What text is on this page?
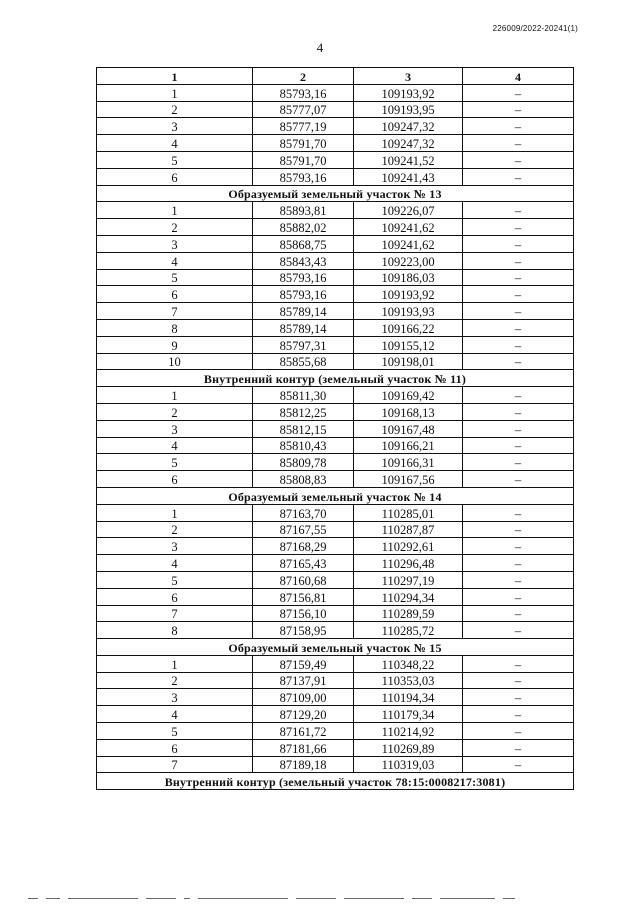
226009/2022-20241(1)
4
1	2	3	4
1	85793,16	109193,92	–
2	85777,07	109193,95	–
3	85777,19	109247,32	–
4	85791,70	109247,32	–
5	85791,70	109241,52	–
6	85793,16	109241,43	–
Образуемый земельный участок № 13			
1	85893,81	109226,07	–
2	85882,02	109241,62	–
3	85868,75	109241,62	–
4	85843,43	109223,00	–
5	85793,16	109186,03	–
6	85793,16	109193,92	–
7	85789,14	109193,93	–
8	85789,14	109166,22	–
9	85797,31	109155,12	–
10	85855,68	109198,01	–
Внутренний контур (земельный участок № 11)			
1	85811,30	109169,42	–
2	85812,25	109168,13	–
3	85812,15	109167,48	–
4	85810,43	109166,21	–
5	85809,78	109166,31	–
6	85808,83	109167,56	–
Образуемый земельный участок № 14			
1	87163,70	110285,01	–
2	87167,55	110287,87	–
3	87168,29	110292,61	–
4	87165,43	110296,48	–
5	87160,68	110297,19	–
6	87156,81	110294,34	–
7	87156,10	110289,59	–
8	87158,95	110285,72	–
Образуемый земельный участок № 15			
1	87159,49	110348,22	–
2	87137,91	110353,03	–
3	87109,00	110194,34	–
4	87129,20	110179,34	–
5	87161,72	110214,92	–
6	87181,66	110269,89	–
7	87189,18	110319,03	–
Внутренний контур (земельный участок 78:15:0008217:3081)			
